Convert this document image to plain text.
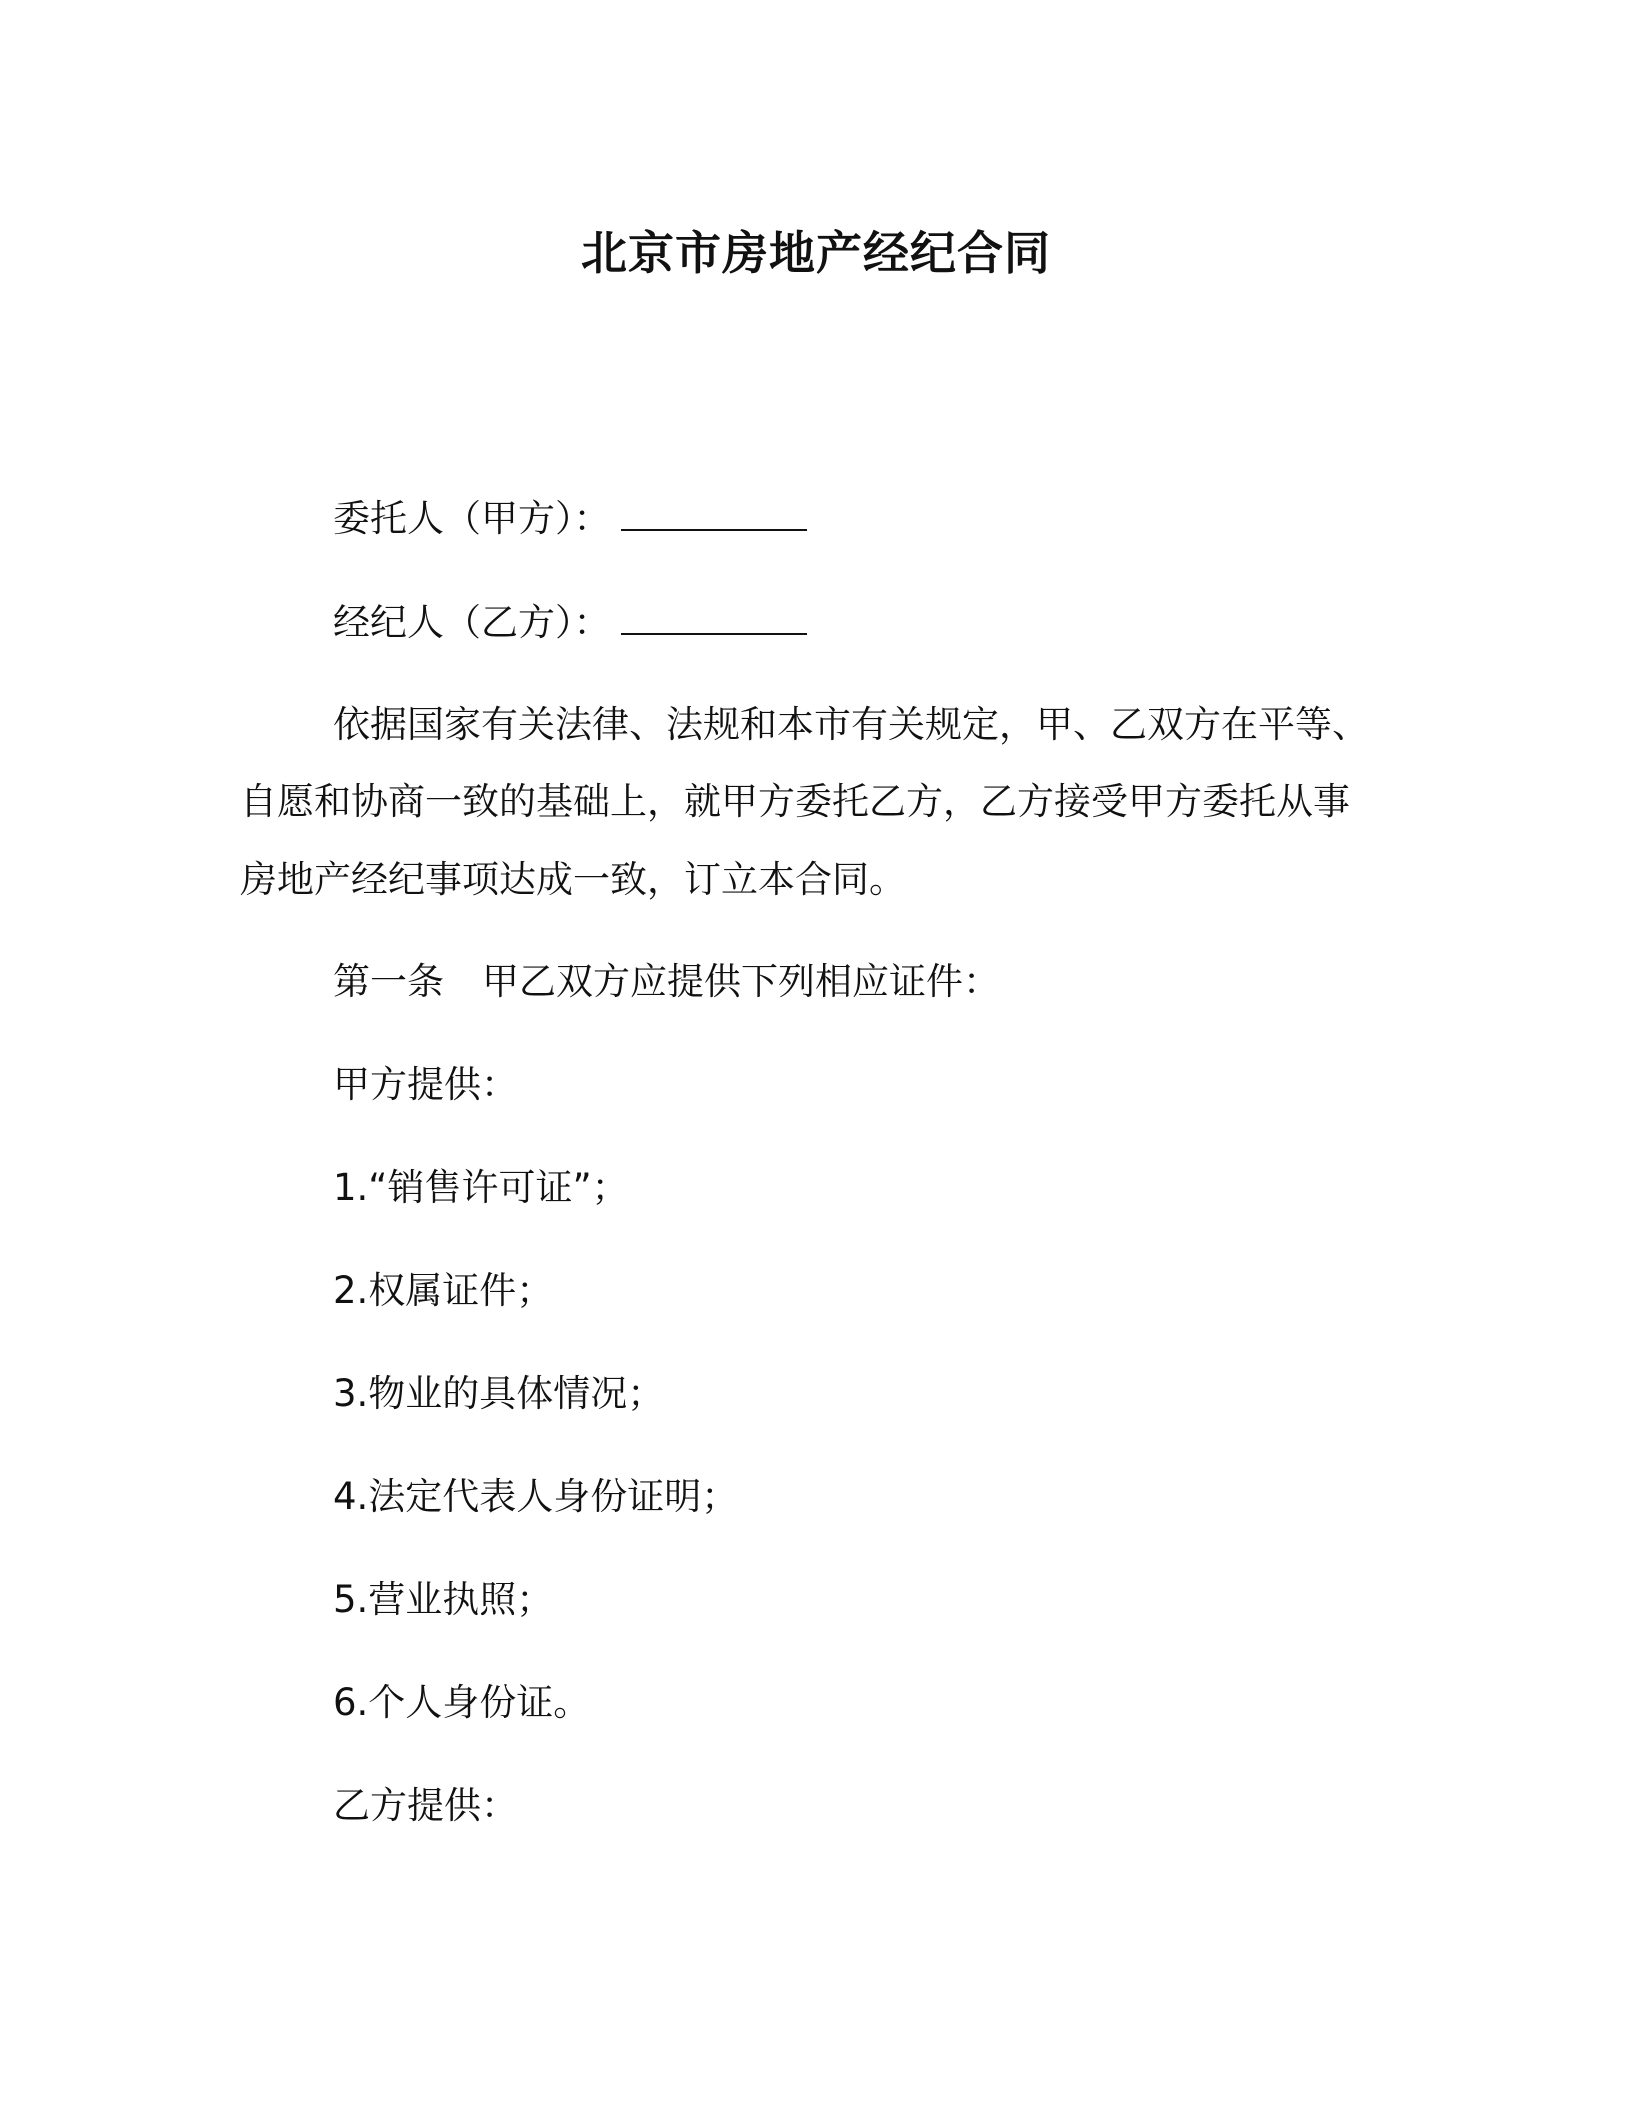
北京市房地产经纪合同
委托人（甲方）：
经纪人（乙方）：
依据国家有关法律、法规和本市有关规定，甲、乙双方在平等、
自愿和协商一致的基础上，就甲方委托乙方，乙方接受甲方委托从事
房地产经纪事项达成一致，订立本合同。
第一条 甲乙双方应提供下列相应证件：
甲方提供：
1.“销售许可证”；
2.权属证件；
3.物业的具体情况；
4.法定代表人身份证明；
5.营业执照；
6.个人身份证。
乙方提供：
